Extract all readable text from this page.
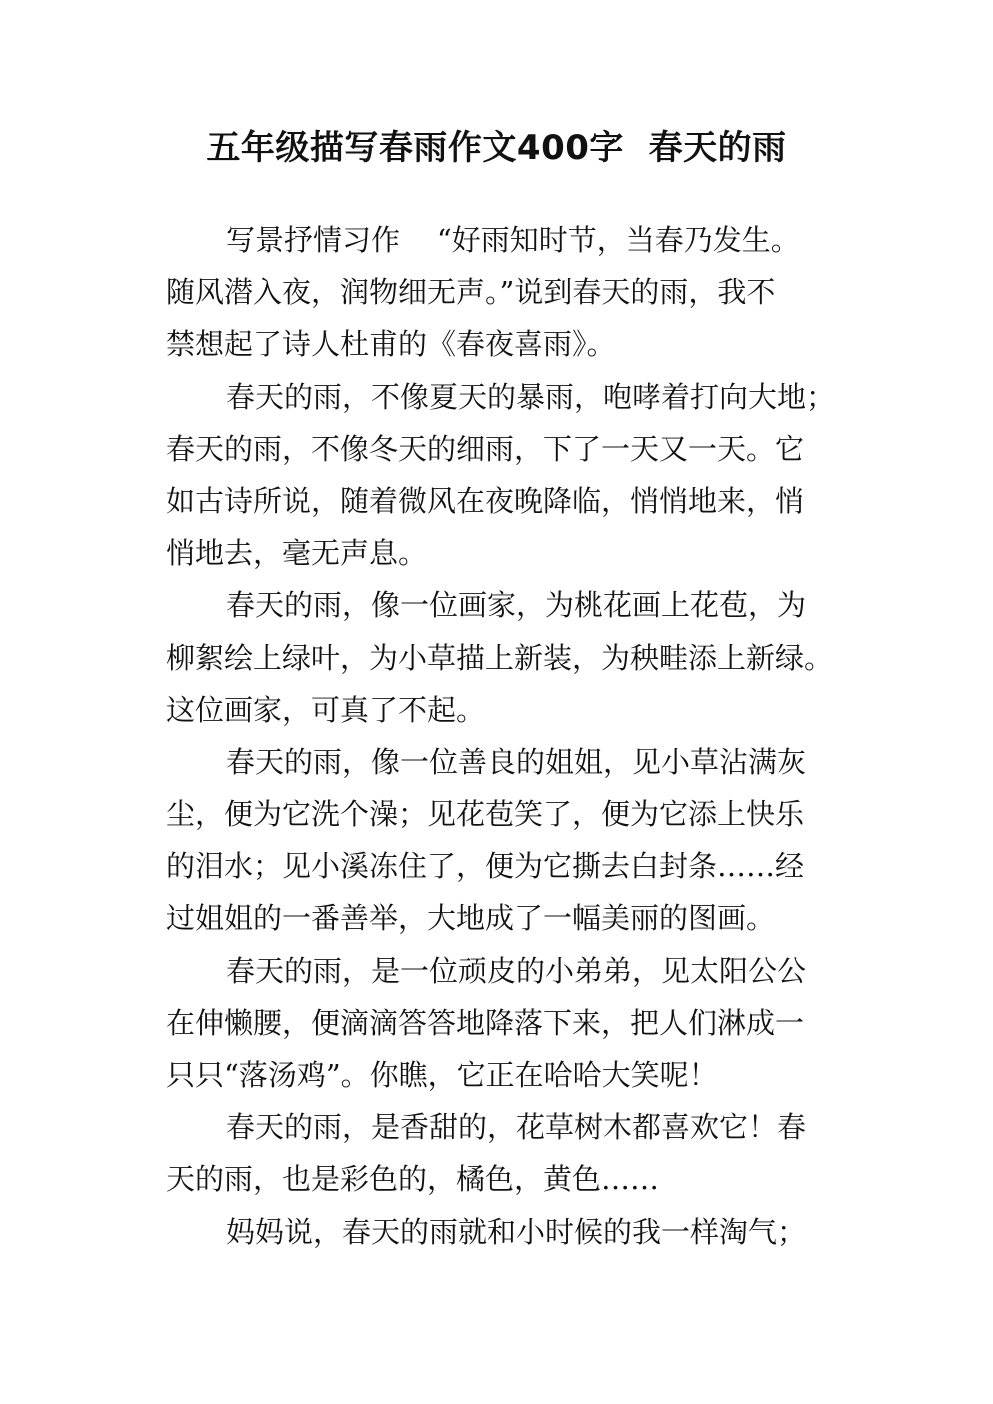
五年级描写春雨作文400字  春天的雨
写景抒情习作    “好雨知时节，当春乃发生。
随风潜入夜，润物细无声。”说到春天的雨，我不
禁想起了诗人杜甫的《春夜喜雨》。
春天的雨，不像夏天的暴雨，咆哮着打向大地；
春天的雨，不像冬天的细雨，下了一天又一天。它
如古诗所说，随着微风在夜晚降临，悄悄地来，悄
悄地去，毫无声息。
春天的雨，像一位画家，为桃花画上花苞，为
柳絮绘上绿叶，为小草描上新装，为秧畦添上新绿。
这位画家，可真了不起。
春天的雨，像一位善良的姐姐，见小草沾满灰
尘，便为它洗个澡；见花苞笑了，便为它添上快乐
的泪水；见小溪冻住了，便为它撕去白封条……经
过姐姐的一番善举，大地成了一幅美丽的图画。
春天的雨，是一位顽皮的小弟弟，见太阳公公
在伸懒腰，便滴滴答答地降落下来，把人们淋成一
只只“落汤鸡”。你瞧，它正在哈哈大笑呢！
春天的雨，是香甜的，花草树木都喜欢它！春
天的雨，也是彩色的，橘色，黄色……
妈妈说，春天的雨就和小时候的我一样淘气；
